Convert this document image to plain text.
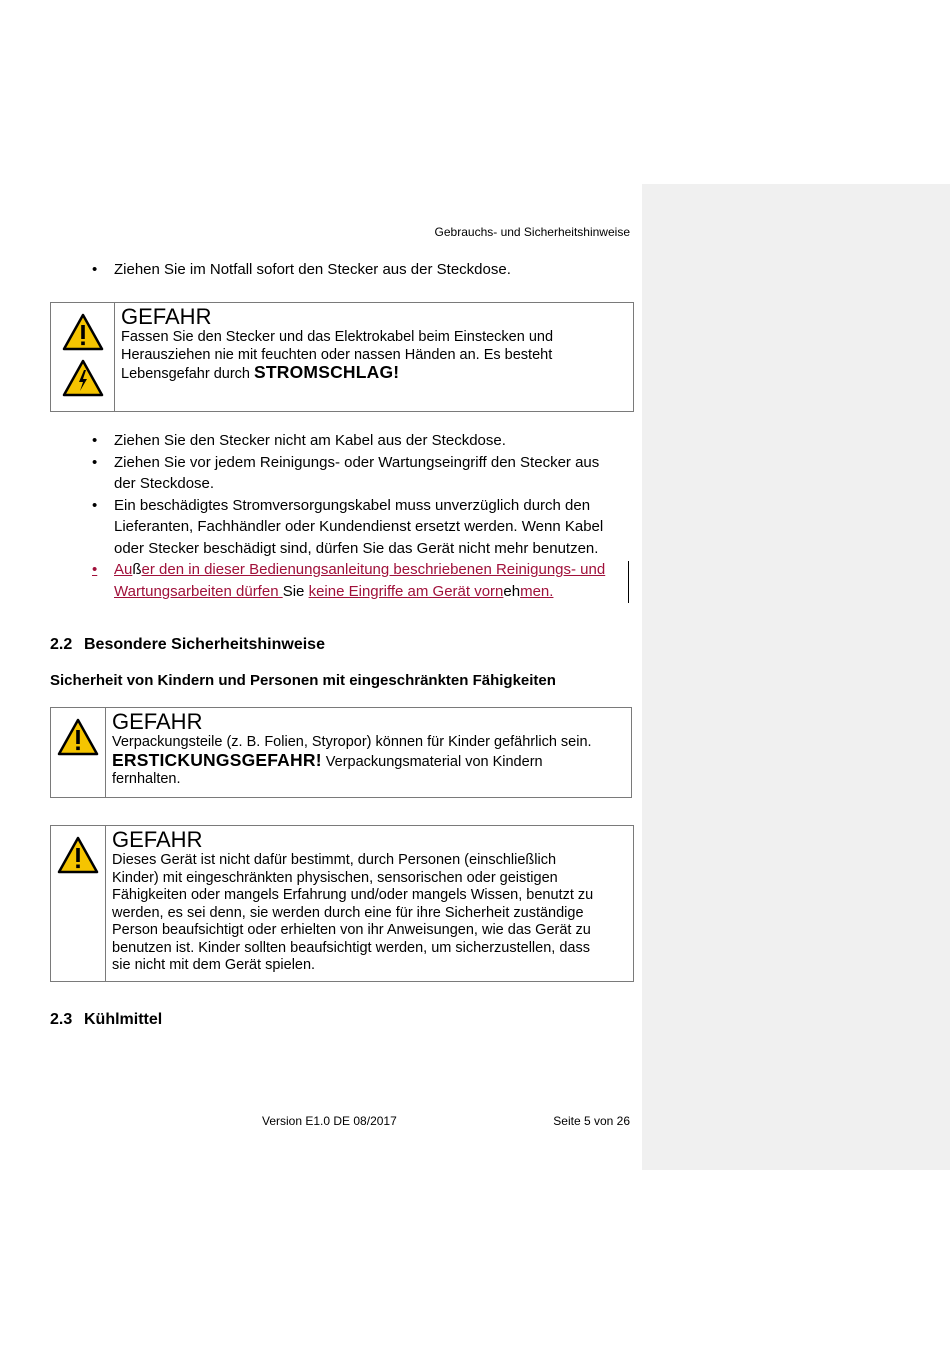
Gebrauchs- und Sicherheitshinweise
•	Ziehen Sie im Notfall sofort den Stecker aus der Steckdose.
GEFAHR
Fassen Sie den Stecker und das Elektrokabel beim Einstecken und
Herausziehen nie mit feuchten oder nassen Händen an. Es besteht
Lebensgefahr durch STROMSCHLAG!
•	Ziehen Sie den Stecker nicht am Kabel aus der Steckdose.
•	Ziehen Sie vor jedem Reinigungs- oder Wartungseingriff den Stecker aus
der Steckdose.
•	Ein beschädigtes Stromversorgungskabel muss unverzüglich durch den
Lieferanten, Fachhändler oder Kundendienst ersetzt werden. Wenn Kabel
oder Stecker beschädigt sind, dürfen Sie das Gerät nicht mehr benutzen.
•	Außer den in dieser Bedienungsanleitung beschriebenen Reinigungs- und
Wartungsarbeiten dürfen Sie keine Eingriffe am Gerät vornehmen.
2.2 Besondere Sicherheitshinweise
Sicherheit von Kindern und Personen mit eingeschränkten Fähigkeiten
GEFAHR
Verpackungsteile (z. B. Folien, Styropor) können für Kinder gefährlich sein.
ERSTICKUNGSGEFAHR! Verpackungsmaterial von Kindern
fernhalten.
GEFAHR
Dieses Gerät ist nicht dafür bestimmt, durch Personen (einschließlich
Kinder) mit eingeschränkten physischen, sensorischen oder geistigen
Fähigkeiten oder mangels Erfahrung und/oder mangels Wissen, benutzt zu
werden, es sei denn, sie werden durch eine für ihre Sicherheit zuständige
Person beaufsichtigt oder erhielten von ihr Anweisungen, wie das Gerät zu
benutzen ist. Kinder sollten beaufsichtigt werden, um sicherzustellen, dass
sie nicht mit dem Gerät spielen.
2.3 Kühlmittel
Version E1.0 DE 08/2017	Seite 5 von 26
